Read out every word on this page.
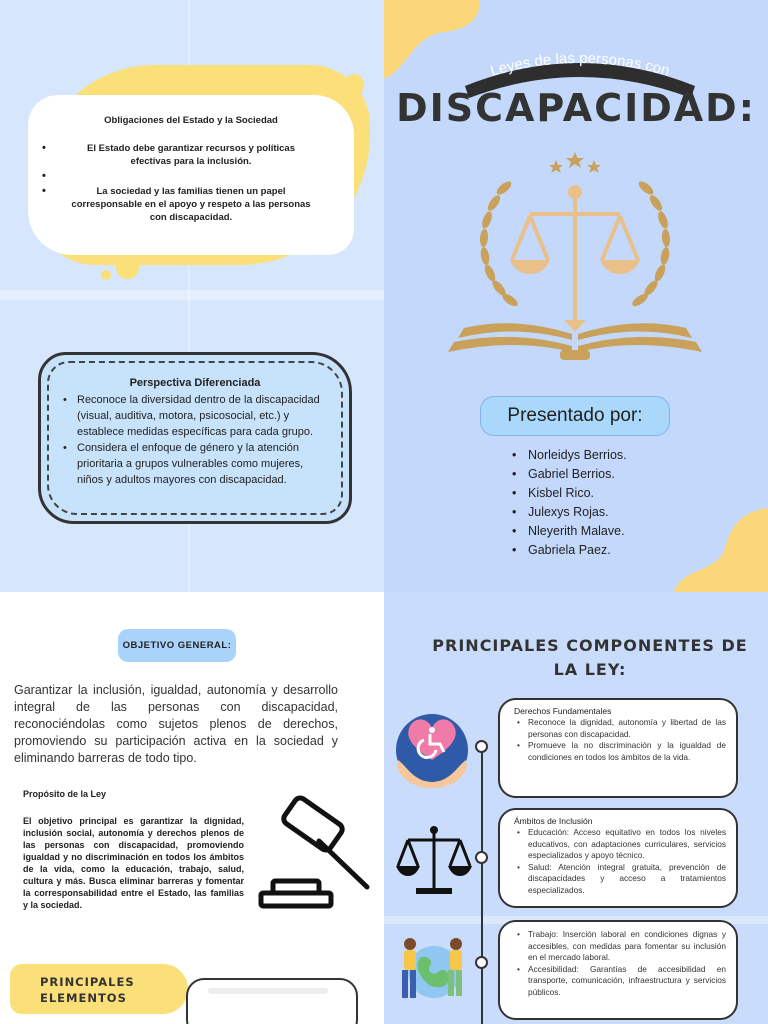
Obligaciones del Estado y la Sociedad
• El Estado debe garantizar recursos y políticas efectivas para la inclusión.
•
• La sociedad y las familias tienen un papel corresponsable en el apoyo y respeto a las personas con discapacidad.
Perspectiva Diferenciada
• Reconoce la diversidad dentro de la discapacidad (visual, auditiva, motora, psicosocial, etc.) y establece medidas específicas para cada grupo.
• Considera el enfoque de género y la atención prioritaria a grupos vulnerables como mujeres, niños y adultos mayores con discapacidad.
Leyes de las personas con
DISCAPACIDAD:
Presentado por:
• Norleidys Berrios.
• Gabriel Berrios.
• Kisbel Rico.
• Julexys Rojas.
• Nleyerith Malave.
• Gabriela Paez.
OBJETIVO GENERAL:

Garantizar la inclusión, igualdad, autonomía y desarrollo integral de las personas con discapacidad, reconociéndolas como sujetos plenos de derechos, promoviendo su participación activa en la sociedad y eliminando barreras de todo tipo.

Propósito de la Ley

El objetivo principal es garantizar la dignidad, inclusión social, autonomía y derechos plenos de las personas con discapacidad, promoviendo igualdad y no discriminación en todos los ámbitos de la vida, como la educación, trabajo, salud, cultura y más. Busca eliminar barreras y fomentar la corresponsabilidad entre el Estado, las familias y la sociedad.

PRINCIPALES
ELEMENTOS
PRINCIPALES COMPONENTES DE
LA LEY:
Derechos Fundamentales
• Reconoce la dignidad, autonomía y libertad de las personas con discapacidad.
• Promueve la no discriminación y la igualdad de condiciones en todos los ámbitos de la vida.
Ámbitos de Inclusión
• Educación: Acceso equitativo en todos los niveles educativos, con adaptaciones curriculares, servicios especializados y apoyo técnico.
• Salud: Atención integral gratuita, prevención de discapacidades y acceso a tratamientos especializados.
• Trabajo: Inserción laboral en condiciones dignas y accesibles, con medidas para fomentar su inclusión en el mercado laboral.
• Accesibilidad: Garantías de accesibilidad en transporte, comunicación, infraestructura y servicios públicos.
